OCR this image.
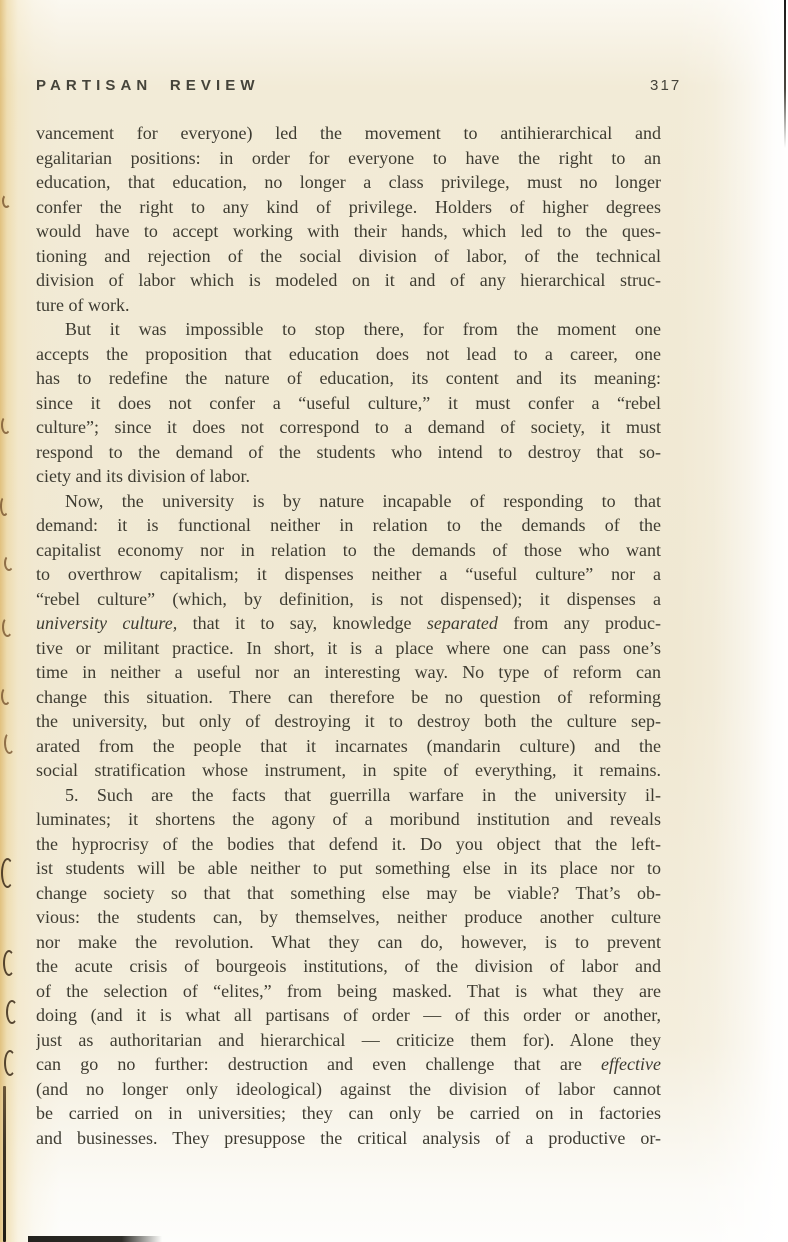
PARTISAN REVIEW	317
vancement for everyone) led the movement to antihierarchical and
egalitarian positions: in order for everyone to have the right to an
education, that education, no longer a class privilege, must no longer
confer the right to any kind of privilege. Holders of higher degrees
would have to accept working with their hands, which led to the ques-
tioning and rejection of the social division of labor, of the technical
division of labor which is modeled on it and of any hierarchical struc-
ture of work.
But it was impossible to stop there, for from the moment one
accepts the proposition that education does not lead to a career, one
has to redefine the nature of education, its content and its meaning:
since it does not confer a “useful culture,” it must confer a “rebel
culture”; since it does not correspond to a demand of society, it must
respond to the demand of the students who intend to destroy that so-
ciety and its division of labor.
Now, the university is by nature incapable of responding to that
demand: it is functional neither in relation to the demands of the
capitalist economy nor in relation to the demands of those who want
to overthrow capitalism; it dispenses neither a “useful culture” nor a
“rebel culture” (which, by definition, is not dispensed); it dispenses a
university culture, that it to say, knowledge separated from any produc-
tive or militant practice. In short, it is a place where one can pass one’s
time in neither a useful nor an interesting way. No type of reform can
change this situation. There can therefore be no question of reforming
the university, but only of destroying it to destroy both the culture sep-
arated from the people that it incarnates (mandarin culture) and the
social stratification whose instrument, in spite of everything, it remains.
5. Such are the facts that guerrilla warfare in the university il-
luminates; it shortens the agony of a moribund institution and reveals
the hyprocrisy of the bodies that defend it. Do you object that the left-
ist students will be able neither to put something else in its place nor to
change society so that that something else may be viable? That’s ob-
vious: the students can, by themselves, neither produce another culture
nor make the revolution. What they can do, however, is to prevent
the acute crisis of bourgeois institutions, of the division of labor and
of the selection of “elites,” from being masked. That is what they are
doing (and it is what all partisans of order — of this order or another,
just as authoritarian and hierarchical — criticize them for). Alone they
can go no further: destruction and even challenge that are effective
(and no longer only ideological) against the division of labor cannot
be carried on in universities; they can only be carried on in factories
and businesses. They presuppose the critical analysis of a productive or-
